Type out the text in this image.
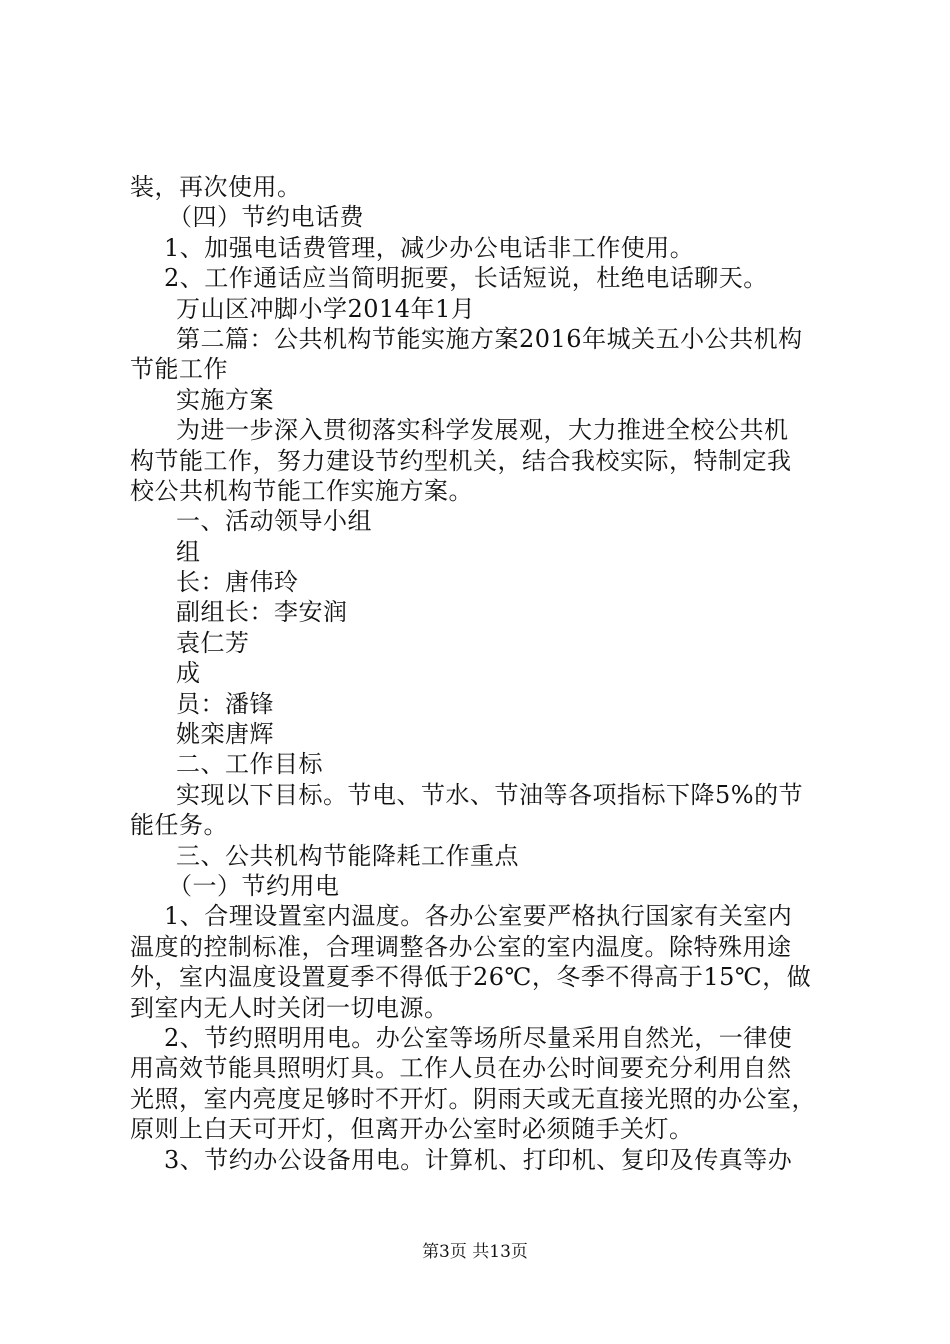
装，再次使用。
（四）节约电话费
1、加强电话费管理，减少办公电话非工作使用。
2、工作通话应当简明扼要，长话短说，杜绝电话聊天。
万山区冲脚小学2014年1月
第二篇：公共机构节能实施方案2016年城关五小公共机构
节能工作
实施方案
为进一步深入贯彻落实科学发展观，大力推进全校公共机
构节能工作，努力建设节约型机关，结合我校实际，特制定我
校公共机构节能工作实施方案。
一、活动领导小组
组
长：唐伟玲
副组长：李安润
袁仁芳
成
员：潘锋
姚栾唐辉
二、工作目标
实现以下目标。节电、节水、节油等各项指标下降5%的节
能任务。
三、公共机构节能降耗工作重点
（一）节约用电
1、合理设置室内温度。各办公室要严格执行国家有关室内
温度的控制标准，合理调整各办公室的室内温度。除特殊用途
外，室内温度设置夏季不得低于26℃，冬季不得高于15℃，做
到室内无人时关闭一切电源。
2、节约照明用电。办公室等场所尽量采用自然光，一律使
用高效节能具照明灯具。工作人员在办公时间要充分利用自然
光照，室内亮度足够时不开灯。阴雨天或无直接光照的办公室，
原则上白天可开灯，但离开办公室时必须随手关灯。
3、节约办公设备用电。计算机、打印机、复印及传真等办
第3页 共13页
